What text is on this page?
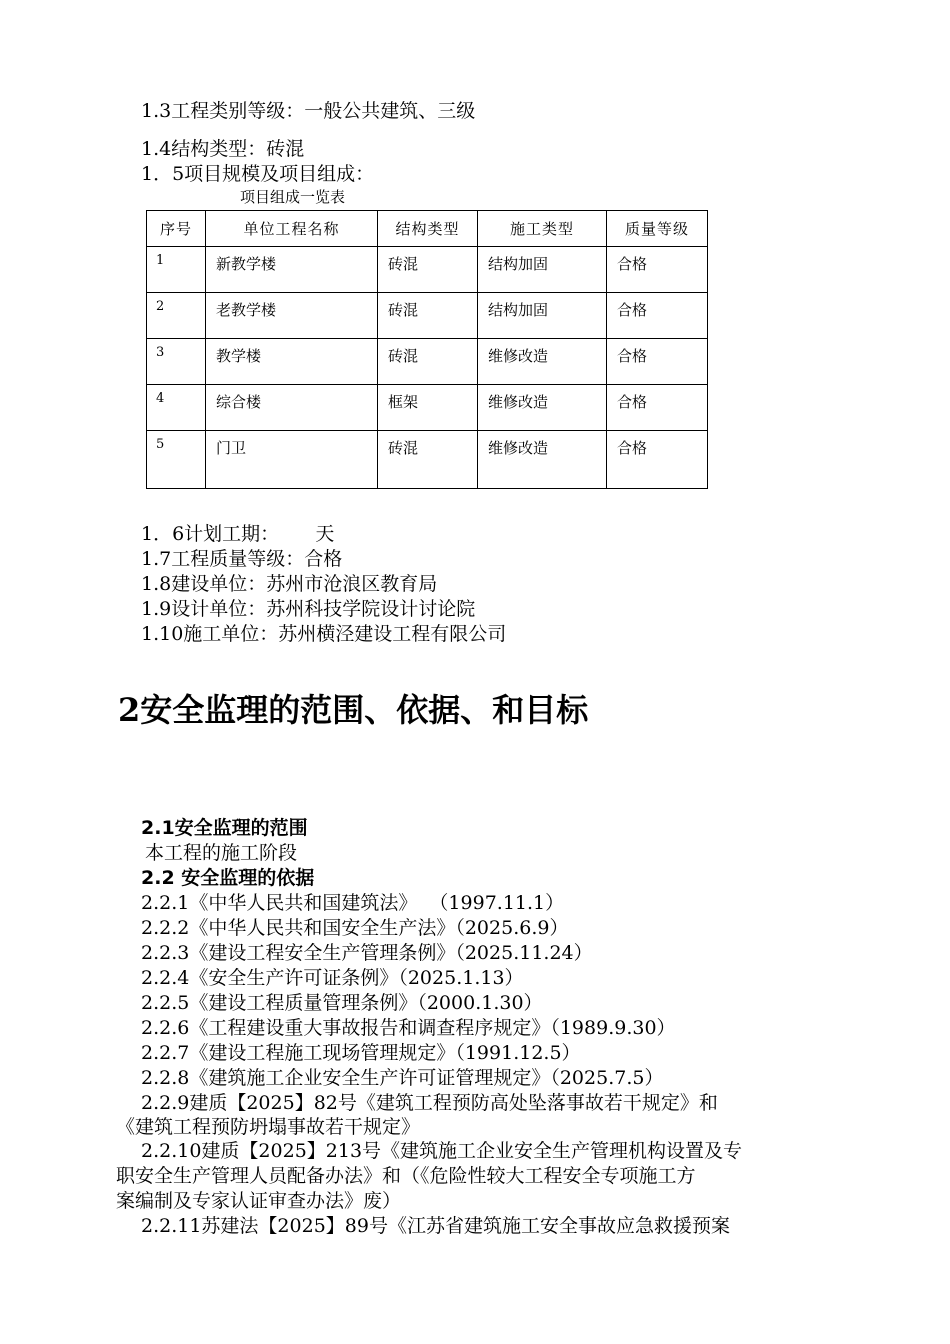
1.3工程类别等级：一般公共建筑、三级
1.4结构类型：砖混
1．5项目规模及项目组成：
项目组成一览表
序号	单位工程名称	结构类型	施工类型	质量等级
1	新教学楼	砖混	结构加固	合格
2	老教学楼	砖混	结构加固	合格
3	教学楼	砖混	维修改造	合格
4	综合楼	框架	维修改造	合格
5	门卫	砖混	维修改造	合格
1．6计划工期：      天
1.7工程质量等级：合格
1.8建设单位：苏州市沧浪区教育局
1.9设计单位：苏州科技学院设计讨论院
1.10施工单位：苏州横泾建设工程有限公司
2安全监理的范围、依据、和目标
2.1安全监理的范围
本工程的施工阶段
2.2 安全监理的依据
2.2.1《中华人民共和国建筑法》  （1997.11.1）
2.2.2《中华人民共和国安全生产法》（2025.6.9）
2.2.3《建设工程安全生产管理条例》（2025.11.24）
2.2.4《安全生产许可证条例》（2025.1.13）
2.2.5《建设工程质量管理条例》（2000.1.30）
2.2.6《工程建设重大事故报告和调查程序规定》（1989.9.30）
2.2.7《建设工程施工现场管理规定》（1991.12.5）
2.2.8《建筑施工企业安全生产许可证管理规定》（2025.7.5）
2.2.9建质【2025】82号《建筑工程预防高处坠落事故若干规定》和
《建筑工程预防坍塌事故若干规定》
2.2.10建质【2025】213号《建筑施工企业安全生产管理机构设置及专
职安全生产管理人员配备办法》和（《危险性较大工程安全专项施工方
案编制及专家认证审查办法》废）
2.2.11苏建法【2025】89号《江苏省建筑施工安全事故应急救援预案
